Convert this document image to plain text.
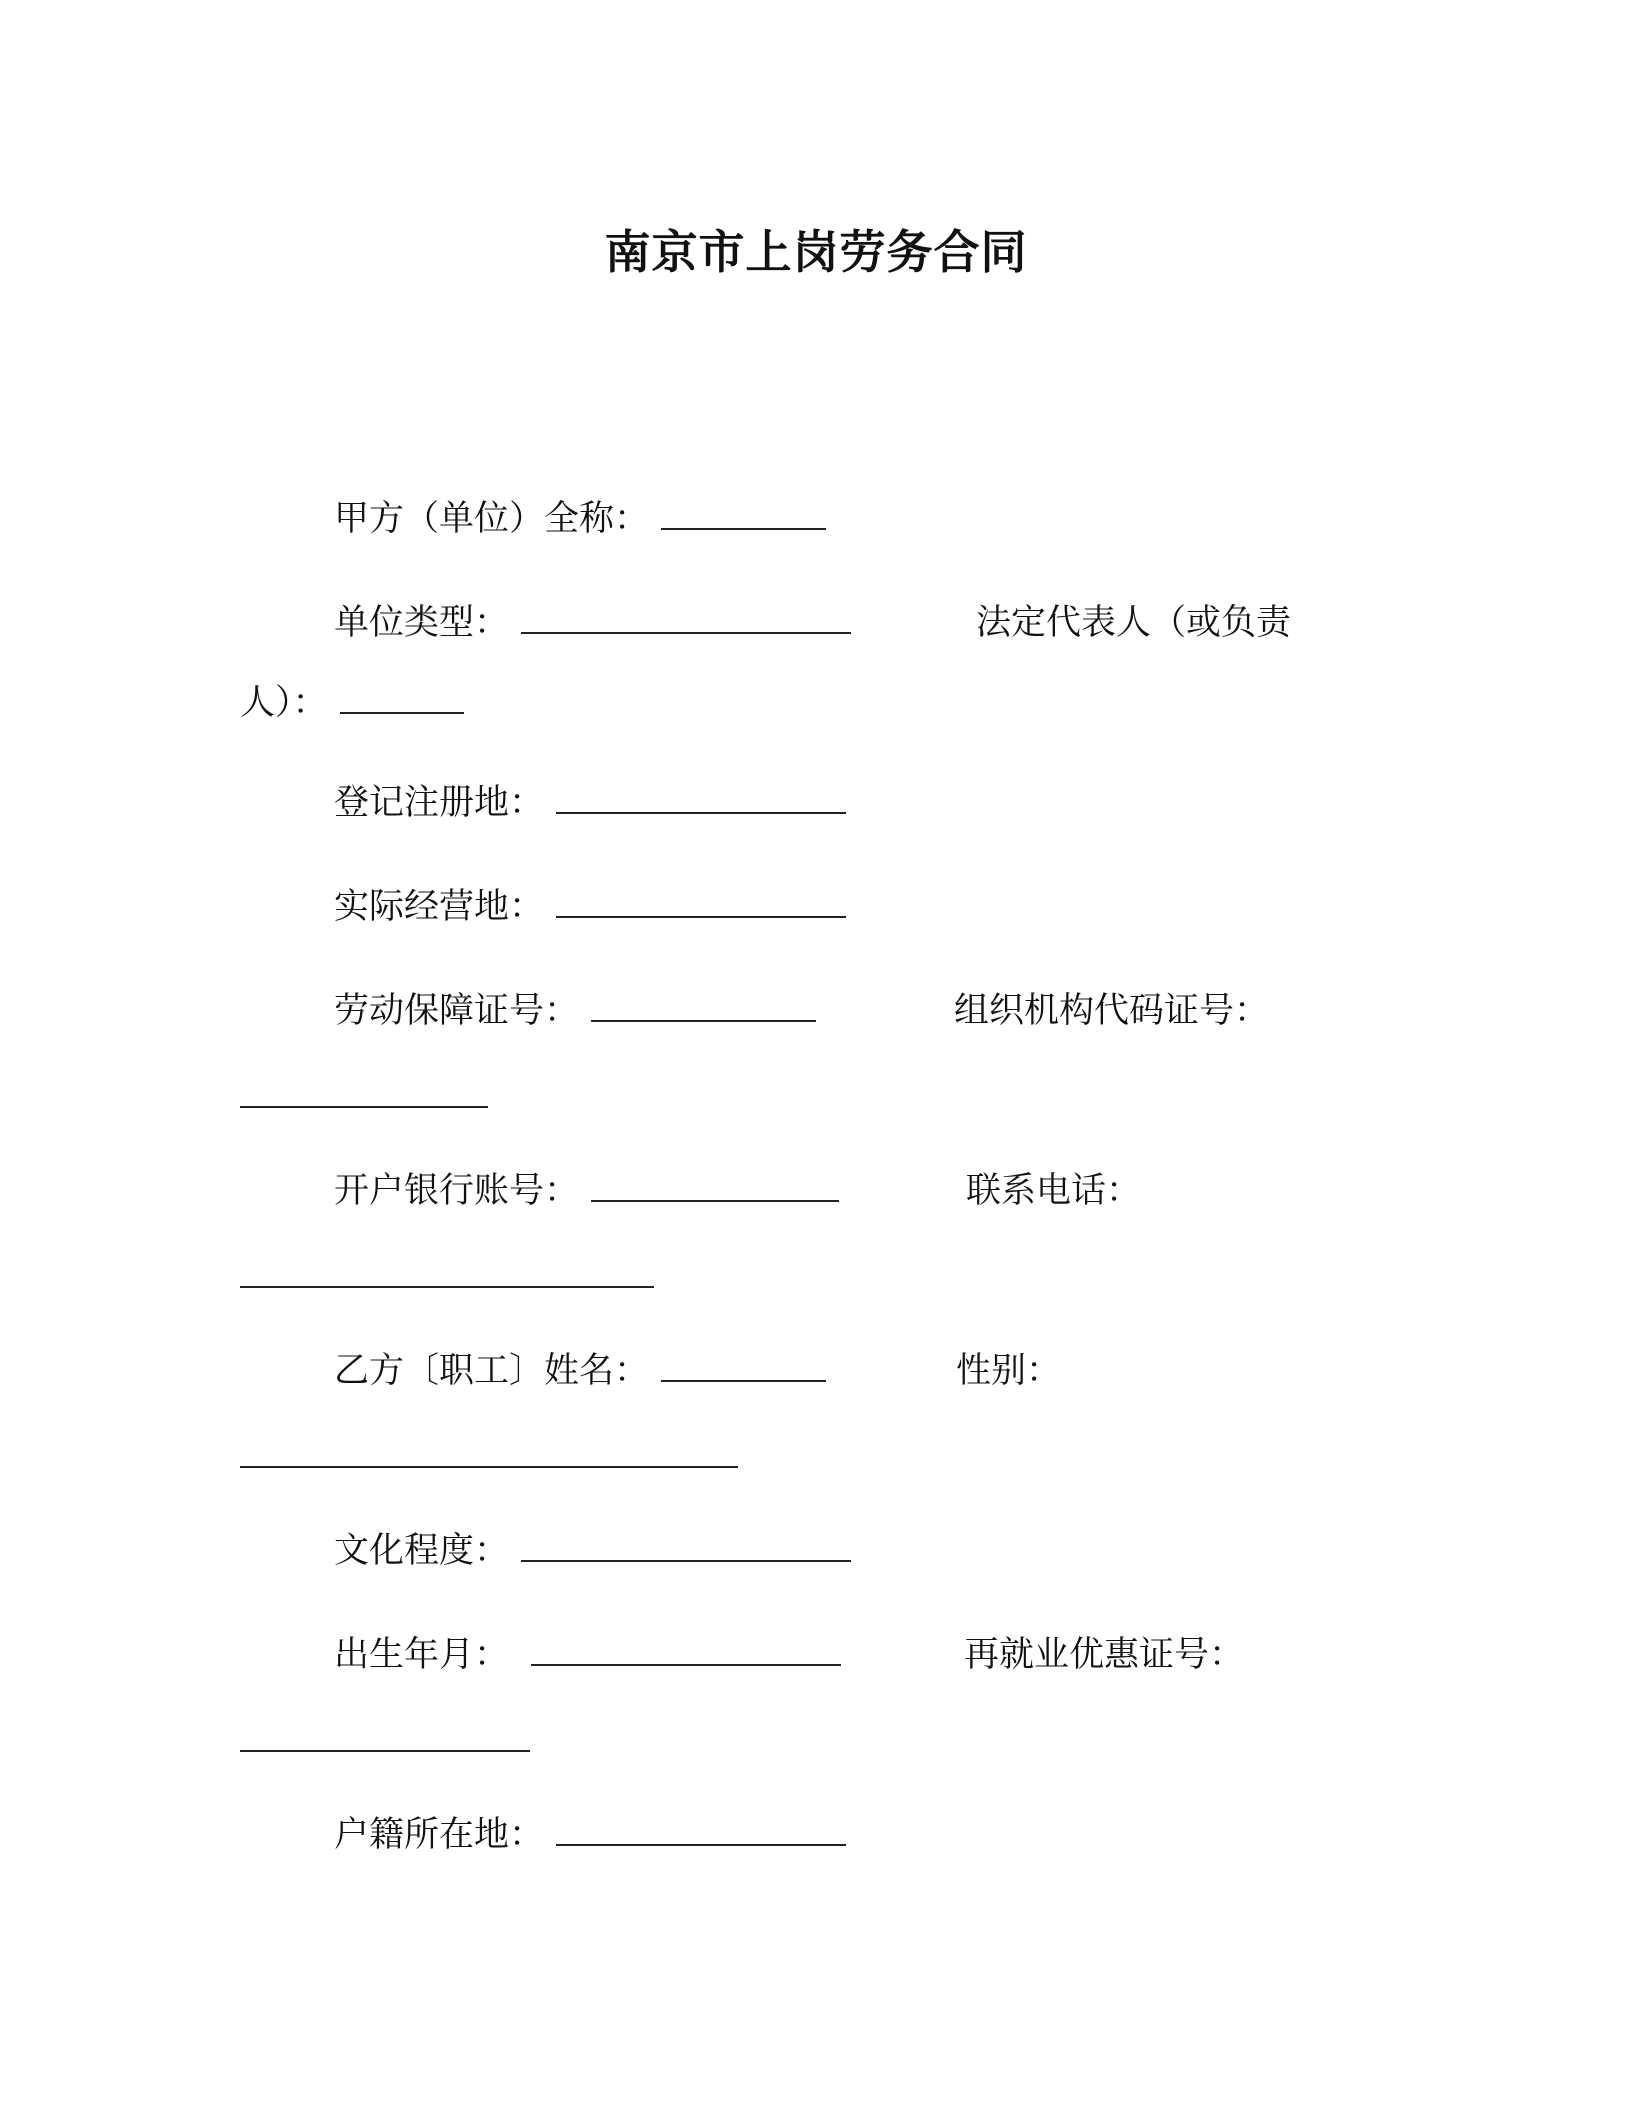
南京市上岗劳务合同
甲方（单位）全称：
单位类型：	法定代表人（或负责
人）：
登记注册地：
实际经营地：
劳动保障证号：	组织机构代码证号：
开户银行账号：	联系电话：
乙方〔职工〕姓名：	性别：
文化程度：
出生年月：	再就业优惠证号：
户籍所在地：
